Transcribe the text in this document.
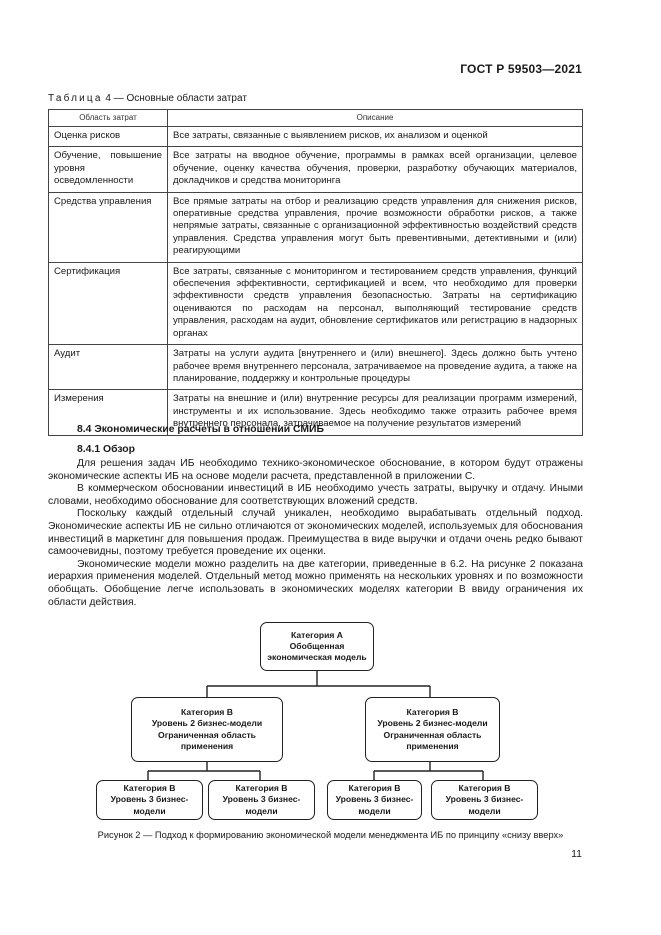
ГОСТ Р 59503—2021
Таблица 4 — Основные области затрат
Область затрат	Описание
Оценка рисков	Все затраты, связанные с выявлением рисков, их анализом и оценкой
Обучение, повышение уровня осведомленности	Все затраты на вводное обучение, программы в рамках всей организации, целевое обучение, оценку качества обучения, проверки, разработку обучающих материалов, докладчиков и средства мониторинга
Средства управления	Все прямые затраты на отбор и реализацию средств управления для снижения рисков, оперативные средства управления, прочие возможности обработки рисков, а также непрямые затраты, связанные с организационной эффективностью воздействий средств управления. Средства управления могут быть превентивными, детективными и (или) реагирующими
Сертификация	Все затраты, связанные с мониторингом и тестированием средств управления, функций обеспечения эффективности, сертификацией и всем, что необходимо для проверки эффективности средств управления безопасностью. Затраты на сертификацию оцениваются по расходам на персонал, выполняющий тестирование средств управления, расходам на аудит, обновление сертификатов или регистрацию в надзорных органах
Аудит	Затраты на услуги аудита [внутреннего и (или) внешнего]. Здесь должно быть учтено рабочее время внутреннего персонала, затрачиваемое на проведение аудита, а также на планирование, поддержку и контрольные процедуры
Измерения	Затраты на внешние и (или) внутренние ресурсы для реализации программ измерений, инструменты и их использование. Здесь необходимо также отразить рабочее время внутреннего персонала, затрачиваемое на получение результатов измерений
8.4 Экономические расчеты в отношении СМИБ
8.4.1 Обзор

Для решения задач ИБ необходимо технико-экономическое обоснование, в котором будут отражены экономические аспекты ИБ на основе модели расчета, представленной в приложении С.

В коммерческом обосновании инвестиций в ИБ необходимо учесть затраты, выручку и отдачу. Иными словами, необходимо обоснование для соответствующих вложений средств.

Поскольку каждый отдельный случай уникален, необходимо вырабатывать отдельный подход. Экономические аспекты ИБ не сильно отличаются от экономических моделей, используемых для обоснования инвестиций в маркетинг для повышения продаж. Преимущества в виде выручки и отдачи очень редко бывают самоочевидны, поэтому требуется проведение их оценки.

Экономические модели можно разделить на две категории, приведенные в 6.2. На рисунке 2 показана иерархия применения моделей. Отдельный метод можно применять на нескольких уровнях и по возможности обобщать. Обобщение легче использовать в экономических моделях категории В ввиду ограничения их области действия.

Категория А
Обобщенная
экономическая модель
Категория В
Уровень 2 бизнес-модели
Ограниченная область
применения
Категория В
Уровень 2 бизнес-модели
Ограниченная область
применения
Категория В
Уровень 3 бизнес-
модели
Категория В
Уровень 3 бизнес-
модели
Категория В
Уровень 3 бизнес-
модели
Категория В
Уровень 3 бизнес-
модели
Рисунок 2 — Подход к формированию экономической модели менеджмента ИБ по принципу «снизу вверх»
11
